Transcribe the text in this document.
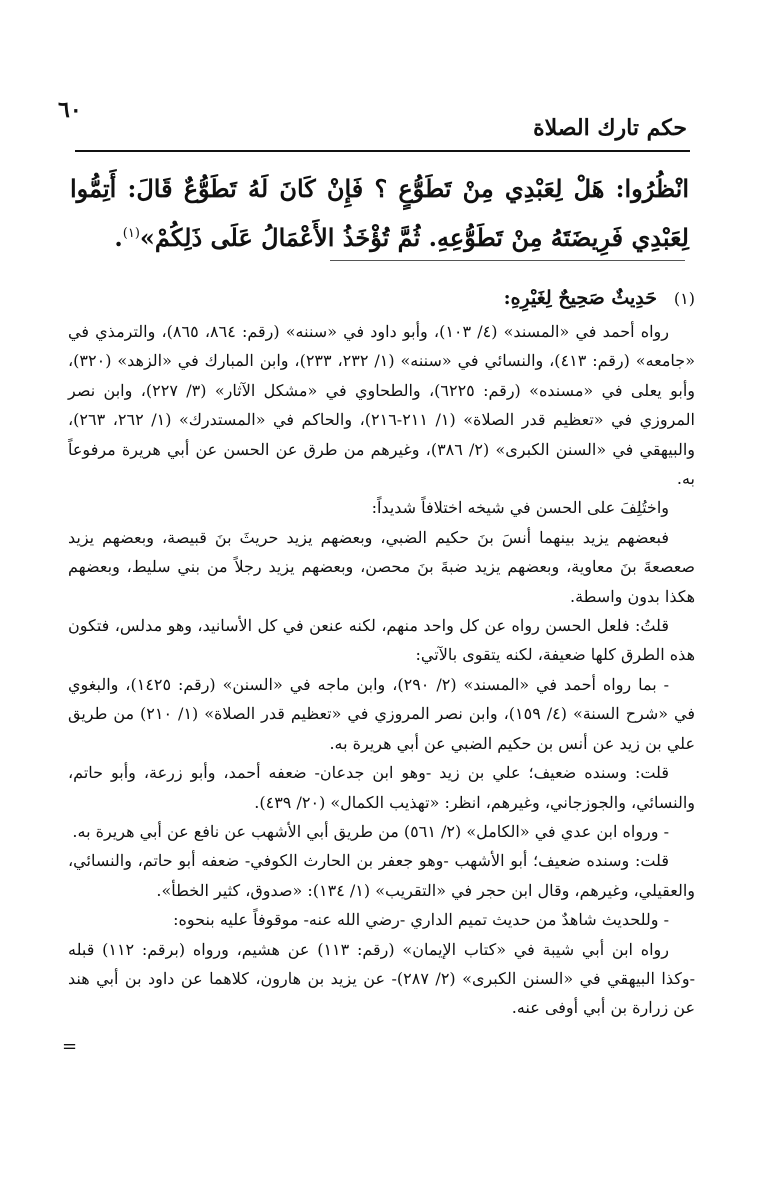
٦٠
حكم تارك الصلاة
انْظُرُوا: هَلْ لِعَبْدِي مِنْ تَطَوُّعٍ ؟ فَإِنْ كَانَ لَهُ تَطَوُّعٌ قَالَ: أَتِمُّوا لِعَبْدِي فَرِيضَتَهُ مِنْ تَطَوُّعِهِ. ثُمَّ تُؤْخَذُ الأَعْمَالُ عَلَى ذَلِكُمْ»$^{(١)}$.

(١)حَدِيثٌ صَحِيحٌ لِغَيْرِهِ:

رواه أحمد في «المسند» (٤/ ١٠٣)، وأبو داود في «سننه» (رقم: ٨٦٤، ٨٦٥)، والترمذي في «جامعه» (رقم: ٤١٣)، والنسائي في «سننه» (١/ ٢٣٢، ٢٣٣)، وابن المبارك في «الزهد» (٣٢٠)، وأبو يعلى في «مسنده» (رقم: ٦٢٢٥)، والطحاوي في «مشكل الآثار» (٣/ ٢٢٧)، وابن نصر المروزي في «تعظيم قدر الصلاة» (١/ ٢١١-٢١٦)، والحاكم في «المستدرك» (١/ ٢٦٢، ٢٦٣)، والبيهقي في «السنن الكبرى» (٢/ ٣٨٦)، وغيرهم من طرق عن الحسن عن أبي هريرة مرفوعاً به.

واختُلِفَ على الحسن في شيخه اختلافاً شديداً:

فبعضهم يزيد بينهما أنسَ بنَ حكيم الضبي، وبعضهم يزيد حريثَ بنَ قبيصة، وبعضهم يزيد صعصعةَ بنَ معاوية، وبعضهم يزيد ضبةَ بنَ محصن، وبعضهم يزيد رجلاً من بني سليط، وبعضهم هكذا بدون واسطة.

قلتُ: فلعل الحسن رواه عن كل واحد منهم، لكنه عنعن في كل الأسانيد، وهو مدلس، فتكون هذه الطرق كلها ضعيفة، لكنه يتقوى بالآتي:

- بما رواه أحمد في «المسند» (٢/ ٢٩٠)، وابن ماجه في «السنن» (رقم: ١٤٢٥)، والبغوي في «شرح السنة» (٤/ ١٥٩)، وابن نصر المروزي في «تعظيم قدر الصلاة» (١/ ٢١٠) من طريق علي بن زيد عن أنس بن حكيم الضبي عن أبي هريرة به.

قلت: وسنده ضعيف؛ علي بن زيد -وهو ابن جدعان- ضعفه أحمد، وأبو زرعة، وأبو حاتم، والنسائي، والجوزجاني، وغيرهم، انظر: «تهذيب الكمال» (٢٠/ ٤٣٩).

- ورواه ابن عدي في «الكامل» (٢/ ٥٦١) من طريق أبي الأشهب عن نافع عن أبي هريرة به.

قلت: وسنده ضعيف؛ أبو الأشهب -وهو جعفر بن الحارث الكوفي- ضعفه أبو حاتم، والنسائي، والعقيلي، وغيرهم، وقال ابن حجر في «التقريب» (١/ ١٣٤): «صدوق، كثير الخطأ».

- وللحديث شاهدٌ من حديث تميم الداري -رضي الله عنه- موقوفاً عليه بنحوه:

رواه ابن أبي شيبة في «كتاب الإيمان» (رقم: ١١٣) عن هشيم، ورواه (برقم: ١١٢) قبله -وكذا البيهقي في «السنن الكبرى» (٢/ ٢٨٧)- عن يزيد بن هارون، كلاهما عن داود بن أبي هند عن زرارة بن أبي أوفى عنه.

=
